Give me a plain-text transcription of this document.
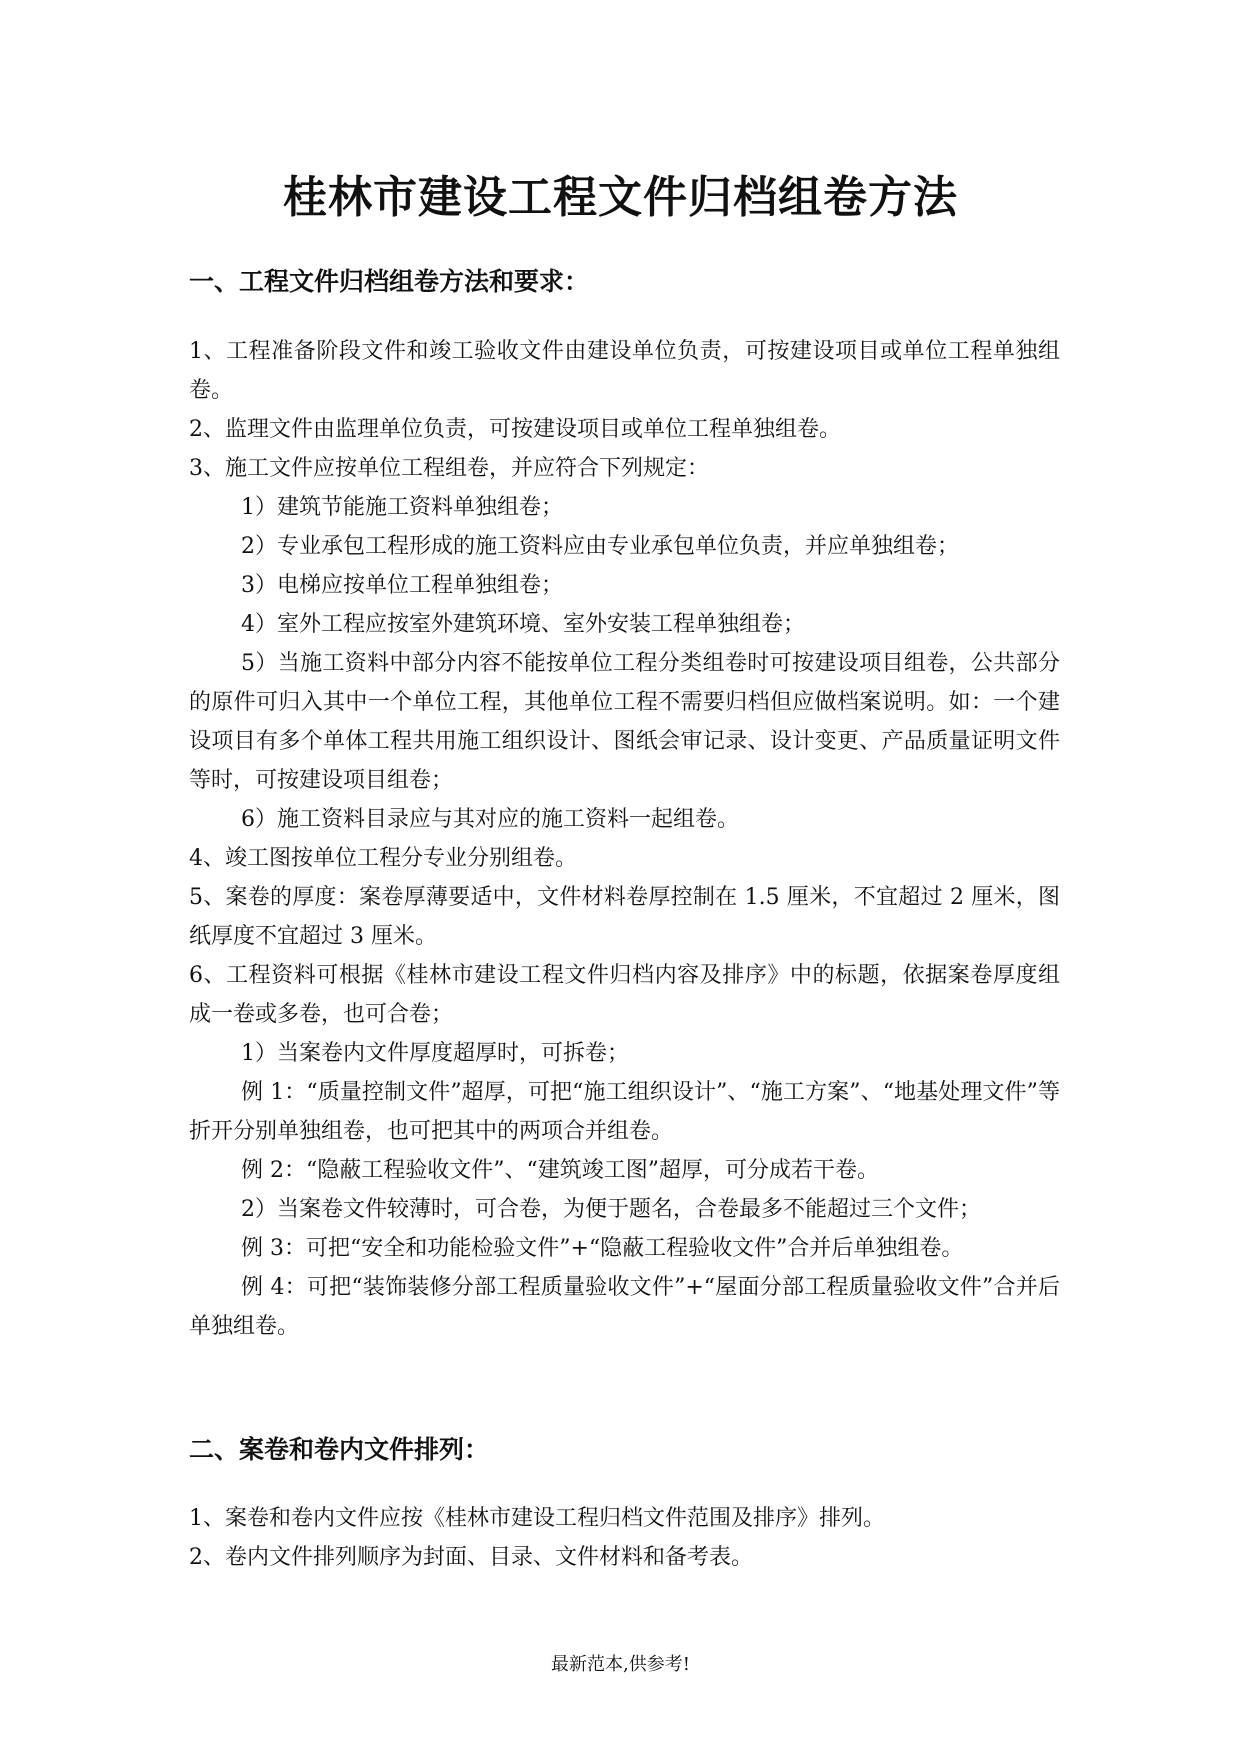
桂林市建设工程文件归档组卷方法
一、工程文件归档组卷方法和要求：

1、工程准备阶段文件和竣工验收文件由建设单位负责，可按建设项目或单位工程单独组卷。

2、监理文件由监理单位负责，可按建设项目或单位工程单独组卷。

3、施工文件应按单位工程组卷，并应符合下列规定：

1）建筑节能施工资料单独组卷；

2）专业承包工程形成的施工资料应由专业承包单位负责，并应单独组卷；

3）电梯应按单位工程单独组卷；

4）室外工程应按室外建筑环境、室外安装工程单独组卷；

5）当施工资料中部分内容不能按单位工程分类组卷时可按建设项目组卷，公共部分的原件可归入其中一个单位工程，其他单位工程不需要归档但应做档案说明。如：一个建设项目有多个单体工程共用施工组织设计、图纸会审记录、设计变更、产品质量证明文件等时，可按建设项目组卷；

6）施工资料目录应与其对应的施工资料一起组卷。

4、竣工图按单位工程分专业分别组卷。

5、案卷的厚度：案卷厚薄要适中，文件材料卷厚控制在 1.5 厘米，不宜超过 2 厘米，图纸厚度不宜超过 3 厘米。

6、工程资料可根据《桂林市建设工程文件归档内容及排序》中的标题，依据案卷厚度组成一卷或多卷，也可合卷；

1）当案卷内文件厚度超厚时，可拆卷；

例 1：“质量控制文件”超厚，可把“施工组织设计”、“施工方案”、“地基处理文件”等折开分别单独组卷，也可把其中的两项合并组卷。

例 2：“隐蔽工程验收文件”、“建筑竣工图”超厚，可分成若干卷。

2）当案卷文件较薄时，可合卷，为便于题名，合卷最多不能超过三个文件；

例 3：可把“安全和功能检验文件”+“隐蔽工程验收文件”合并后单独组卷。

例 4：可把“装饰装修分部工程质量验收文件”+“屋面分部工程质量验收文件”合并后单独组卷。

二、案卷和卷内文件排列：

1、案卷和卷内文件应按《桂林市建设工程归档文件范围及排序》排列。

2、卷内文件排列顺序为封面、目录、文件材料和备考表。

最新范本,供参考!
